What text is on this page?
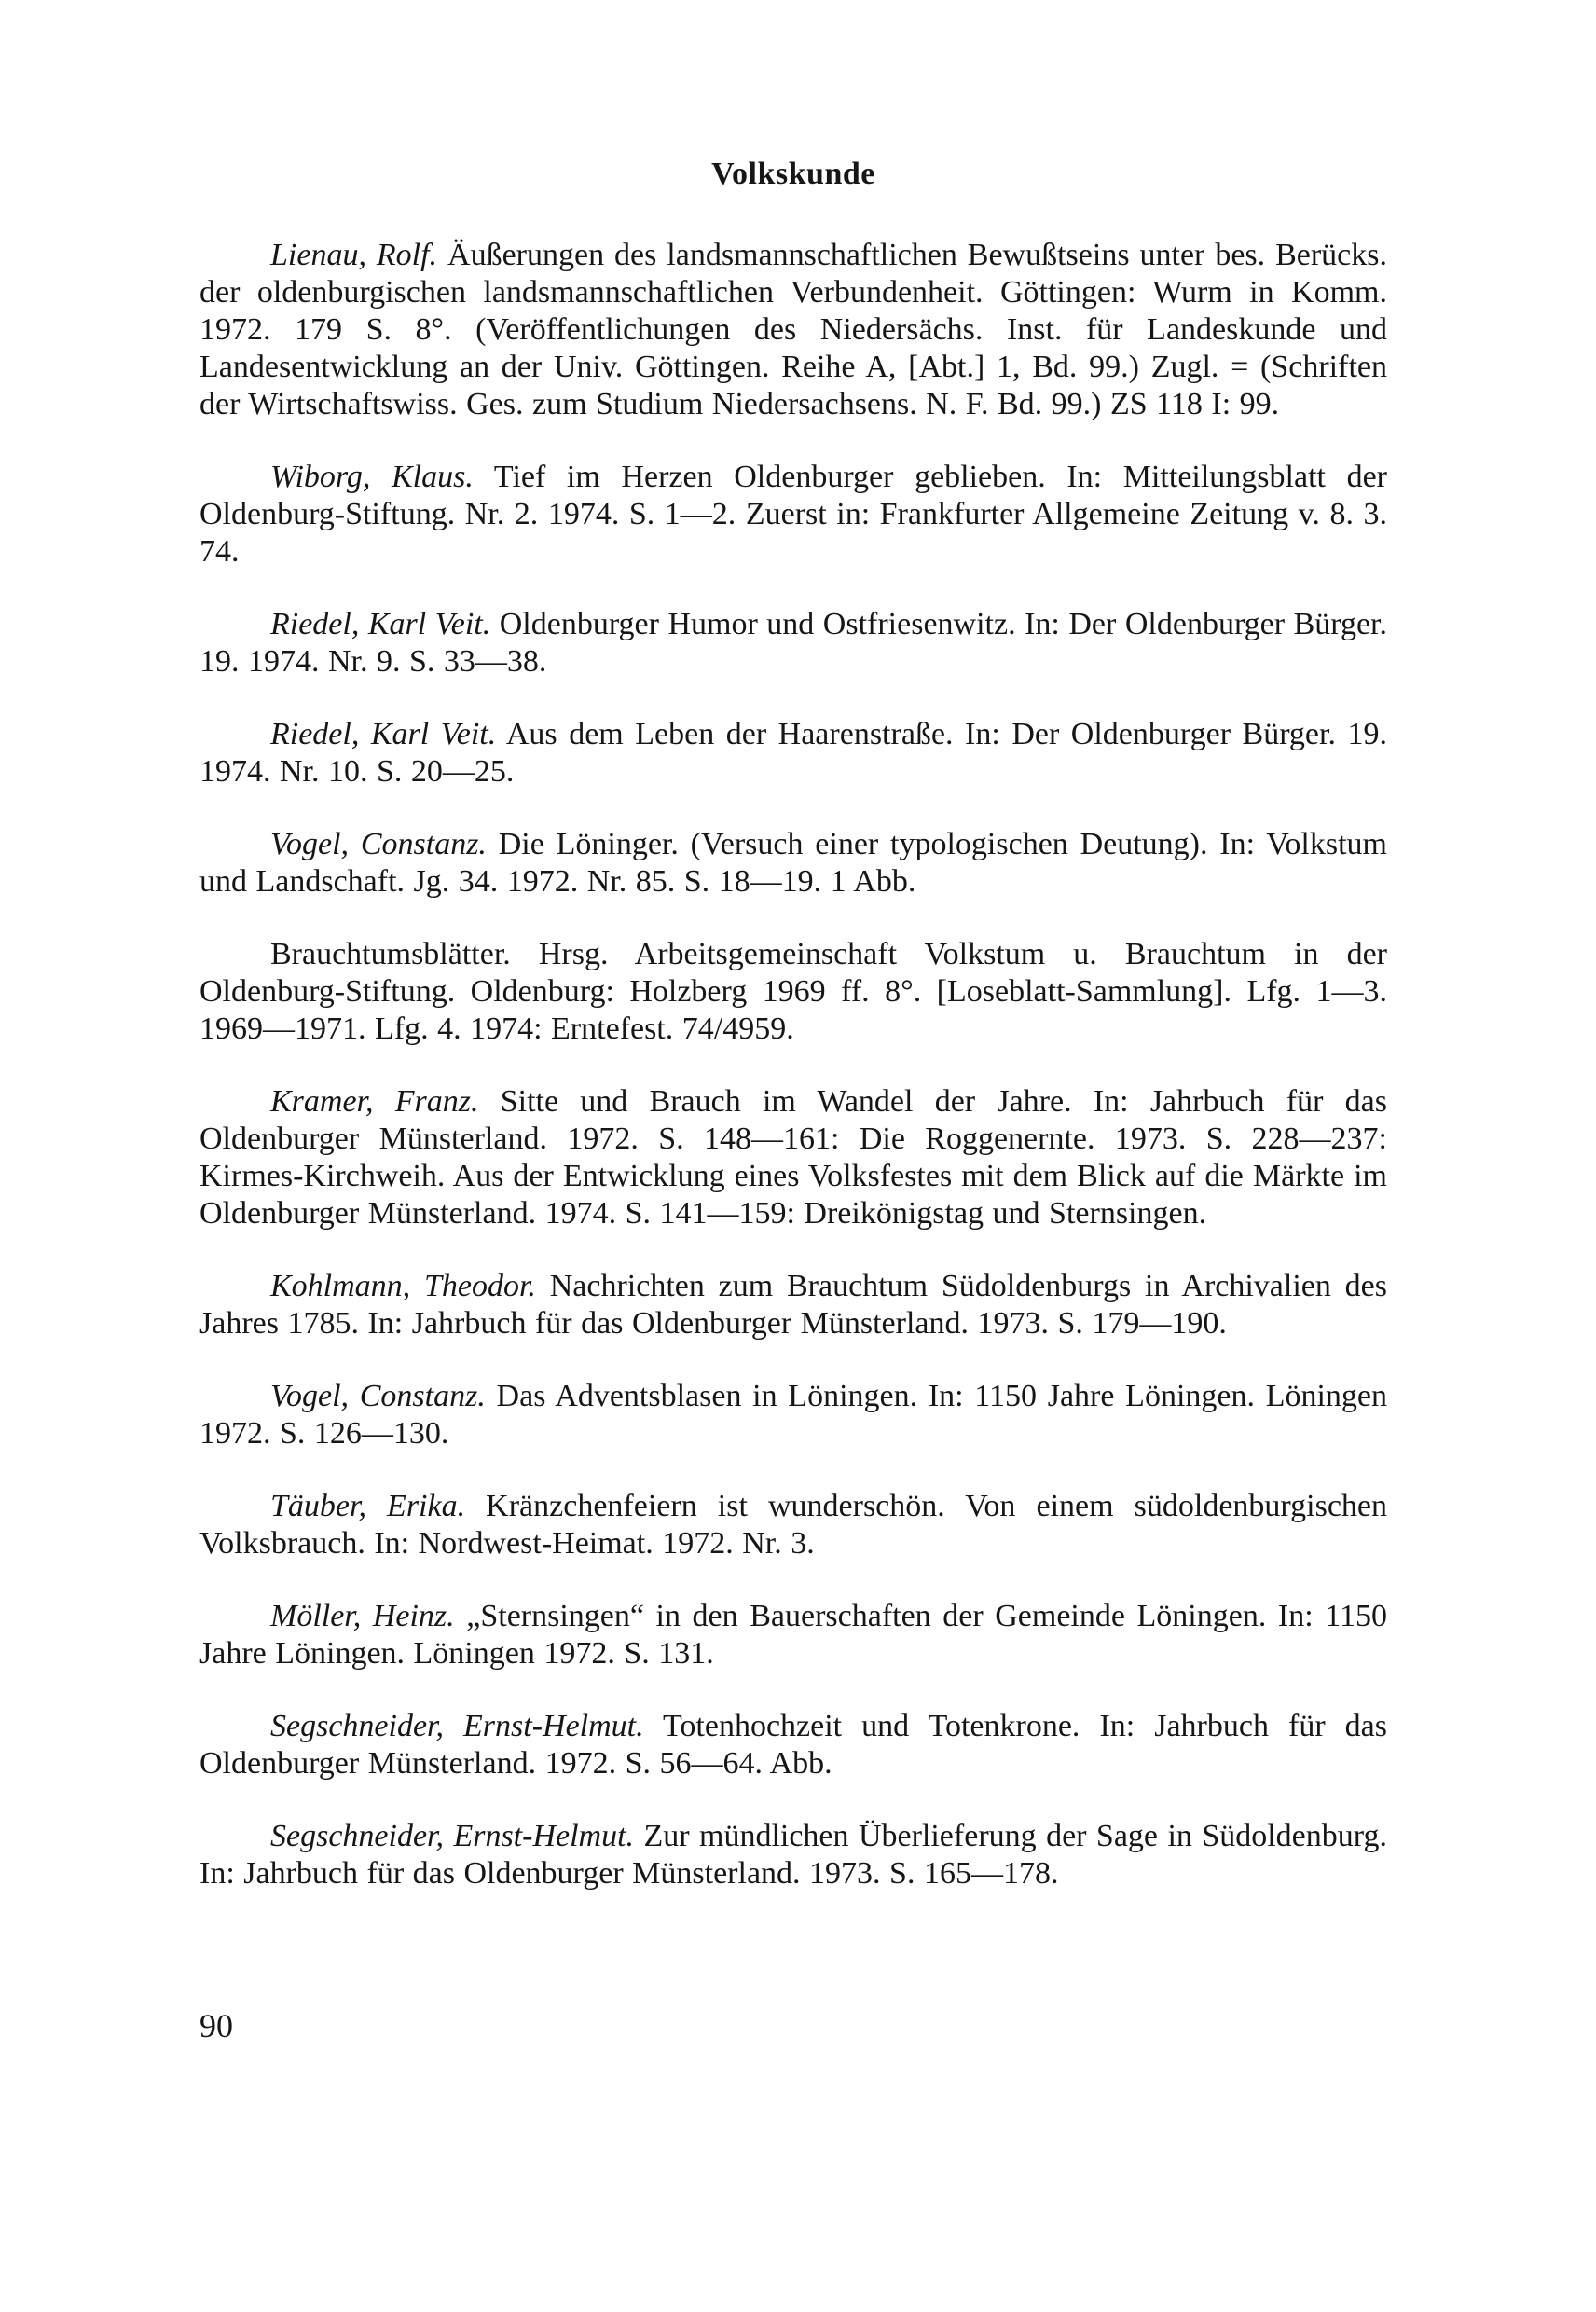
Volkskunde

Lienau, Rolf. Äußerungen des landsmannschaftlichen Bewußtseins unter bes. Berücks. der oldenburgischen landsmannschaftlichen Verbundenheit. Göttingen: Wurm in Komm. 1972. 179 S. 8°. (Veröffentlichungen des Niedersächs. Inst. für Landeskunde und Landesentwicklung an der Univ. Göttingen. Reihe A, [Abt.] 1, Bd. 99.) Zugl. = (Schriften der Wirtschaftswiss. Ges. zum Studium Niedersachsens. N. F. Bd. 99.) ZS 118 I: 99.

Wiborg, Klaus. Tief im Herzen Oldenburger geblieben. In: Mitteilungsblatt der Oldenburg-Stiftung. Nr. 2. 1974. S. 1—2. Zuerst in: Frankfurter Allgemeine Zeitung v. 8. 3. 74.

Riedel, Karl Veit. Oldenburger Humor und Ostfriesenwitz. In: Der Oldenburger Bürger. 19. 1974. Nr. 9. S. 33—38.

Riedel, Karl Veit. Aus dem Leben der Haarenstraße. In: Der Oldenburger Bürger. 19. 1974. Nr. 10. S. 20—25.

Vogel, Constanz. Die Löninger. (Versuch einer typologischen Deutung). In: Volkstum und Landschaft. Jg. 34. 1972. Nr. 85. S. 18—19. 1 Abb.

Brauchtumsblätter. Hrsg. Arbeitsgemeinschaft Volkstum u. Brauchtum in der Oldenburg-Stiftung. Oldenburg: Holzberg 1969 ff. 8°. [Loseblatt-Sammlung]. Lfg. 1—3. 1969—1971. Lfg. 4. 1974: Erntefest. 74/4959.

Kramer, Franz. Sitte und Brauch im Wandel der Jahre. In: Jahrbuch für das Oldenburger Münsterland. 1972. S. 148—161: Die Roggenernte. 1973. S. 228—237: Kirmes-Kirchweih. Aus der Entwicklung eines Volksfestes mit dem Blick auf die Märkte im Oldenburger Münsterland. 1974. S. 141—159: Dreikönigstag und Sternsingen.

Kohlmann, Theodor. Nachrichten zum Brauchtum Südoldenburgs in Archivalien des Jahres 1785. In: Jahrbuch für das Oldenburger Münsterland. 1973. S. 179—190.

Vogel, Constanz. Das Adventsblasen in Löningen. In: 1150 Jahre Löningen. Löningen 1972. S. 126—130.

Täuber, Erika. Kränzchenfeiern ist wunderschön. Von einem südoldenburgischen Volksbrauch. In: Nordwest-Heimat. 1972. Nr. 3.

Möller, Heinz. „Sternsingen“ in den Bauerschaften der Gemeinde Löningen. In: 1150 Jahre Löningen. Löningen 1972. S. 131.

Segschneider, Ernst-Helmut. Totenhochzeit und Totenkrone. In: Jahrbuch für das Oldenburger Münsterland. 1972. S. 56—64. Abb.

Segschneider, Ernst-Helmut. Zur mündlichen Überlieferung der Sage in Südoldenburg. In: Jahrbuch für das Oldenburger Münsterland. 1973. S. 165—178.

90
